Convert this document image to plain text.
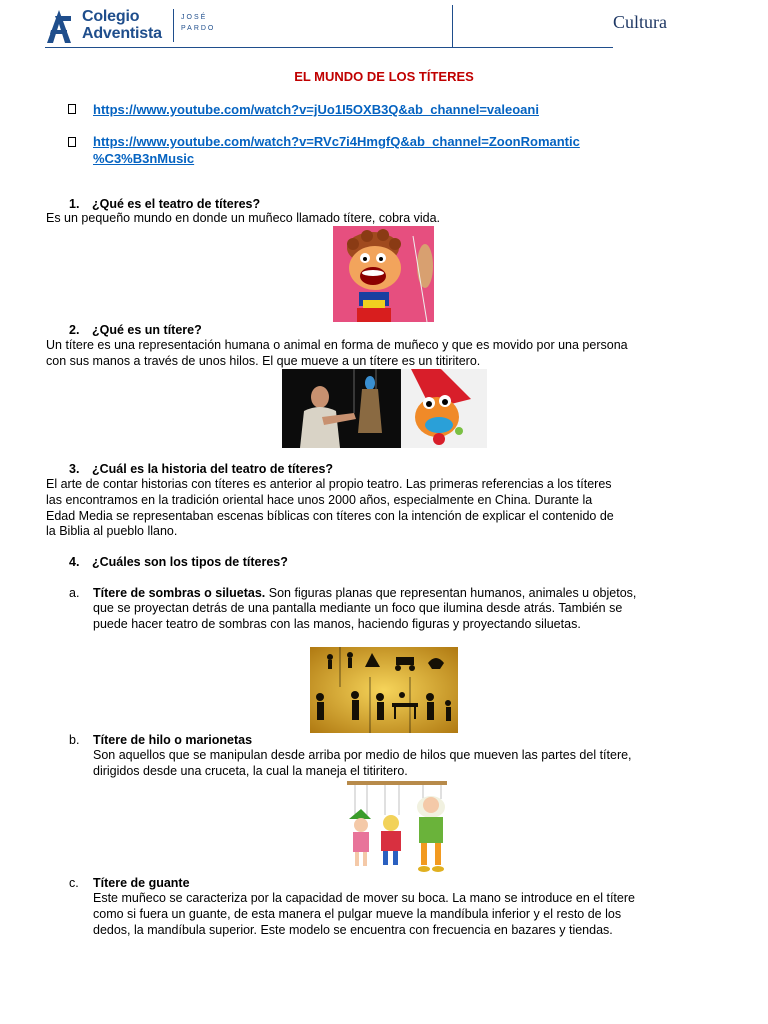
Colegio
Adventista
JOSÉ
PARDO	Cultura
EL MUNDO DE LOS TÍTERES
https://www.youtube.com/watch?v=jUo1I5OXB3Q&ab_channel=valeoani
https://www.youtube.com/watch?v=RVc7i4HmgfQ&ab_channel=ZoonRomantic
%C3%B3nMusic
1. ¿Qué es el teatro de títeres?
Es un pequeño mundo en donde un muñeco llamado títere, cobra vida.
2. ¿Qué es un títere?
Un títere es una representación humana o animal en forma de muñeco y que es movido por una persona
con sus manos a través de unos hilos. El que mueve a un títere es un titiritero.
3. ¿Cuál es la historia del teatro de títeres?
El arte de contar historias con títeres es anterior al propio teatro. Las primeras referencias a los títeres
las encontramos en la tradición oriental hace unos 2000 años, especialmente en China. Durante la
Edad Media se representaban escenas bíblicas con títeres con la intención de explicar el contenido de
la Biblia al pueblo llano.
4. ¿Cuáles son los tipos de títeres?
a. Títere de sombras o siluetas. Son figuras planas que representan humanos, animales u objetos,
que se proyectan detrás de una pantalla mediante un foco que ilumina desde atrás. También se
puede hacer teatro de sombras con las manos, haciendo figuras y proyectando siluetas.
b. Títere de hilo o marionetas
Son aquellos que se manipulan desde arriba por medio de hilos que mueven las partes del títere,
dirigidos desde una cruceta, la cual la maneja el titiritero.
c. Títere de guante
Este muñeco se caracteriza por la capacidad de mover su boca. La mano se introduce en el títere
como si fuera un guante, de esta manera el pulgar mueve la mandíbula inferior y el resto de los
dedos, la mandíbula superior. Este modelo se encuentra con frecuencia en bazares y tiendas.
